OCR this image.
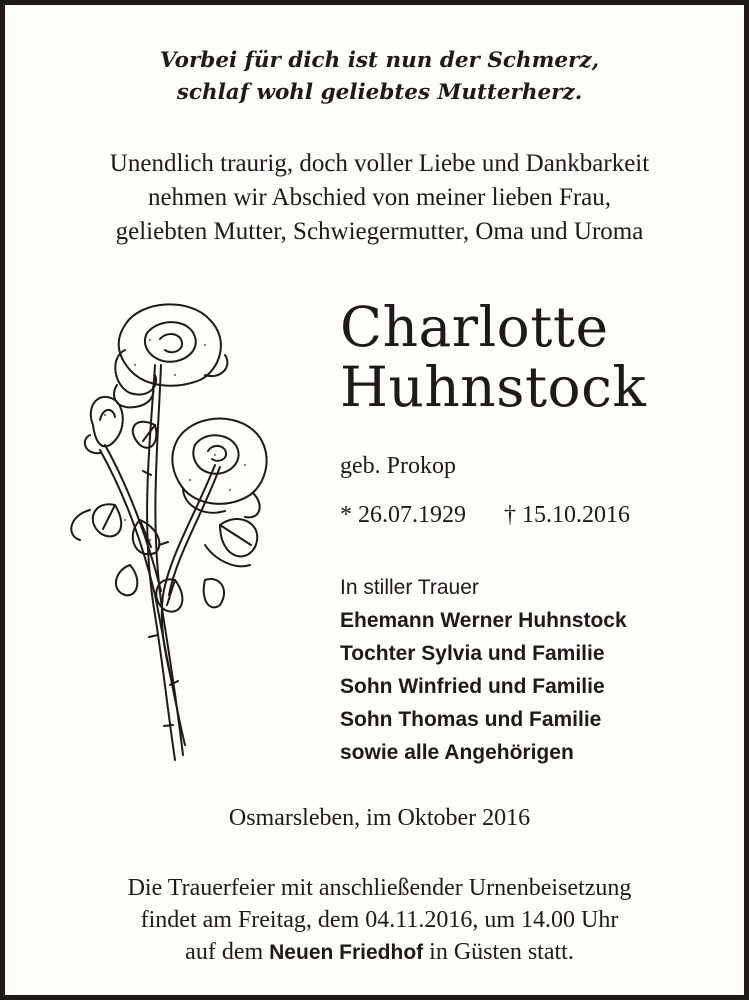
Vorbei für dich ist nun der Schmerz,
schlaf wohl geliebtes Mutterherz.
Unendlich traurig, doch voller Liebe und Dankbarkeit
nehmen wir Abschied von meiner lieben Frau,
geliebten Mutter, Schwiegermutter, Oma und Uroma
Charlotte
Huhnstock
geb. Prokop
* 26.07.1929 † 15.10.2016
In stiller Trauer
Ehemann Werner Huhnstock
Tochter Sylvia und Familie
Sohn Winfried und Familie
Sohn Thomas und Familie
sowie alle Angehörigen
Osmarsleben, im Oktober 2016
Die Trauerfeier mit anschließender Urnenbeisetzung
findet am Freitag, dem 04.11.2016, um 14.00 Uhr
auf dem Neuen Friedhof in Güsten statt.
